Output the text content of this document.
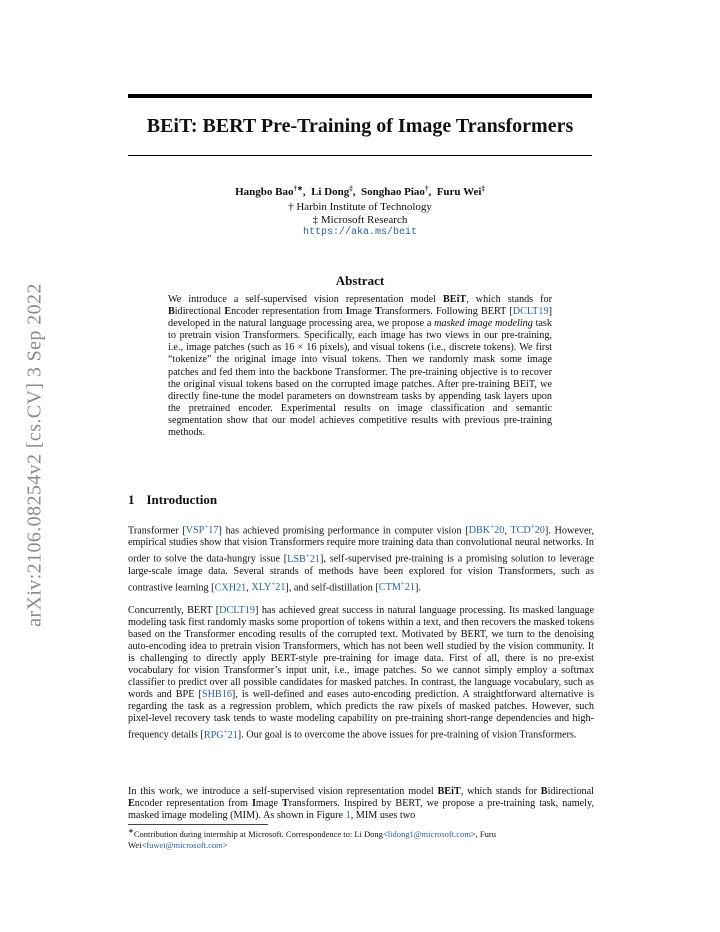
arXiv:2106.08254v2 [cs.CV] 3 Sep 2022
BEiT: BERT Pre-Training of Image Transformers
Hangbo Bao†∗,  Li Dong‡,  Songhao Piao†,  Furu Wei‡
† Harbin Institute of Technology
‡ Microsoft Research
https://aka.ms/beit
Abstract
We introduce a self-supervised vision representation model BEiT, which stands for Bidirectional Encoder representation from Image Transformers. Following BERT [DCLT19] developed in the natural language processing area, we propose a masked image modeling task to pretrain vision Transformers. Specifically, each image has two views in our pre-training, i.e., image patches (such as 16 × 16 pixels), and visual tokens (i.e., discrete tokens). We first “tokenize” the original image into visual tokens. Then we randomly mask some image patches and fed them into the backbone Transformer. The pre-training objective is to recover the original visual tokens based on the corrupted image patches. After pre-training BEiT, we directly fine-tune the model parameters on downstream tasks by appending task layers upon the pretrained encoder. Experimental results on image classification and semantic segmentation show that our model achieves competitive results with previous pre-training methods.
1 Introduction
Transformer [VSP+17] has achieved promising performance in computer vision [DBK+20, TCD+20]. However, empirical studies show that vision Transformers require more training data than convolutional neural networks. In order to solve the data-hungry issue [LSB+21], self-supervised pre-training is a promising solution to leverage large-scale image data. Several strands of methods have been explored for vision Transformers, such as contrastive learning [CXH21, XLY+21], and self-distillation [CTM+21].
Concurrently, BERT [DCLT19] has achieved great success in natural language processing. Its masked language modeling task first randomly masks some proportion of tokens within a text, and then recovers the masked tokens based on the Transformer encoding results of the corrupted text. Motivated by BERT, we turn to the denoising auto-encoding idea to pretrain vision Transformers, which has not been well studied by the vision community. It is challenging to directly apply BERT-style pre-training for image data. First of all, there is no pre-exist vocabulary for vision Transformer’s input unit, i.e., image patches. So we cannot simply employ a softmax classifier to predict over all possible candidates for masked patches. In contrast, the language vocabulary, such as words and BPE [SHB16], is well-defined and eases auto-encoding prediction. A straightforward alternative is regarding the task as a regression problem, which predicts the raw pixels of masked patches. However, such pixel-level recovery task tends to waste modeling capability on pre-training short-range dependencies and high-frequency details [RPG+21]. Our goal is to overcome the above issues for pre-training of vision Transformers.
In this work, we introduce a self-supervised vision representation model BEiT, which stands for Bidirectional Encoder representation from Image Transformers. Inspired by BERT, we propose a pre-training task, namely, masked image modeling (MIM). As shown in Figure 1, MIM uses two
∗Contribution during internship at Microsoft. Correspondence to: Li Dong<lidong1@microsoft.com>, Furu Wei<fuwei@microsoft.com>
